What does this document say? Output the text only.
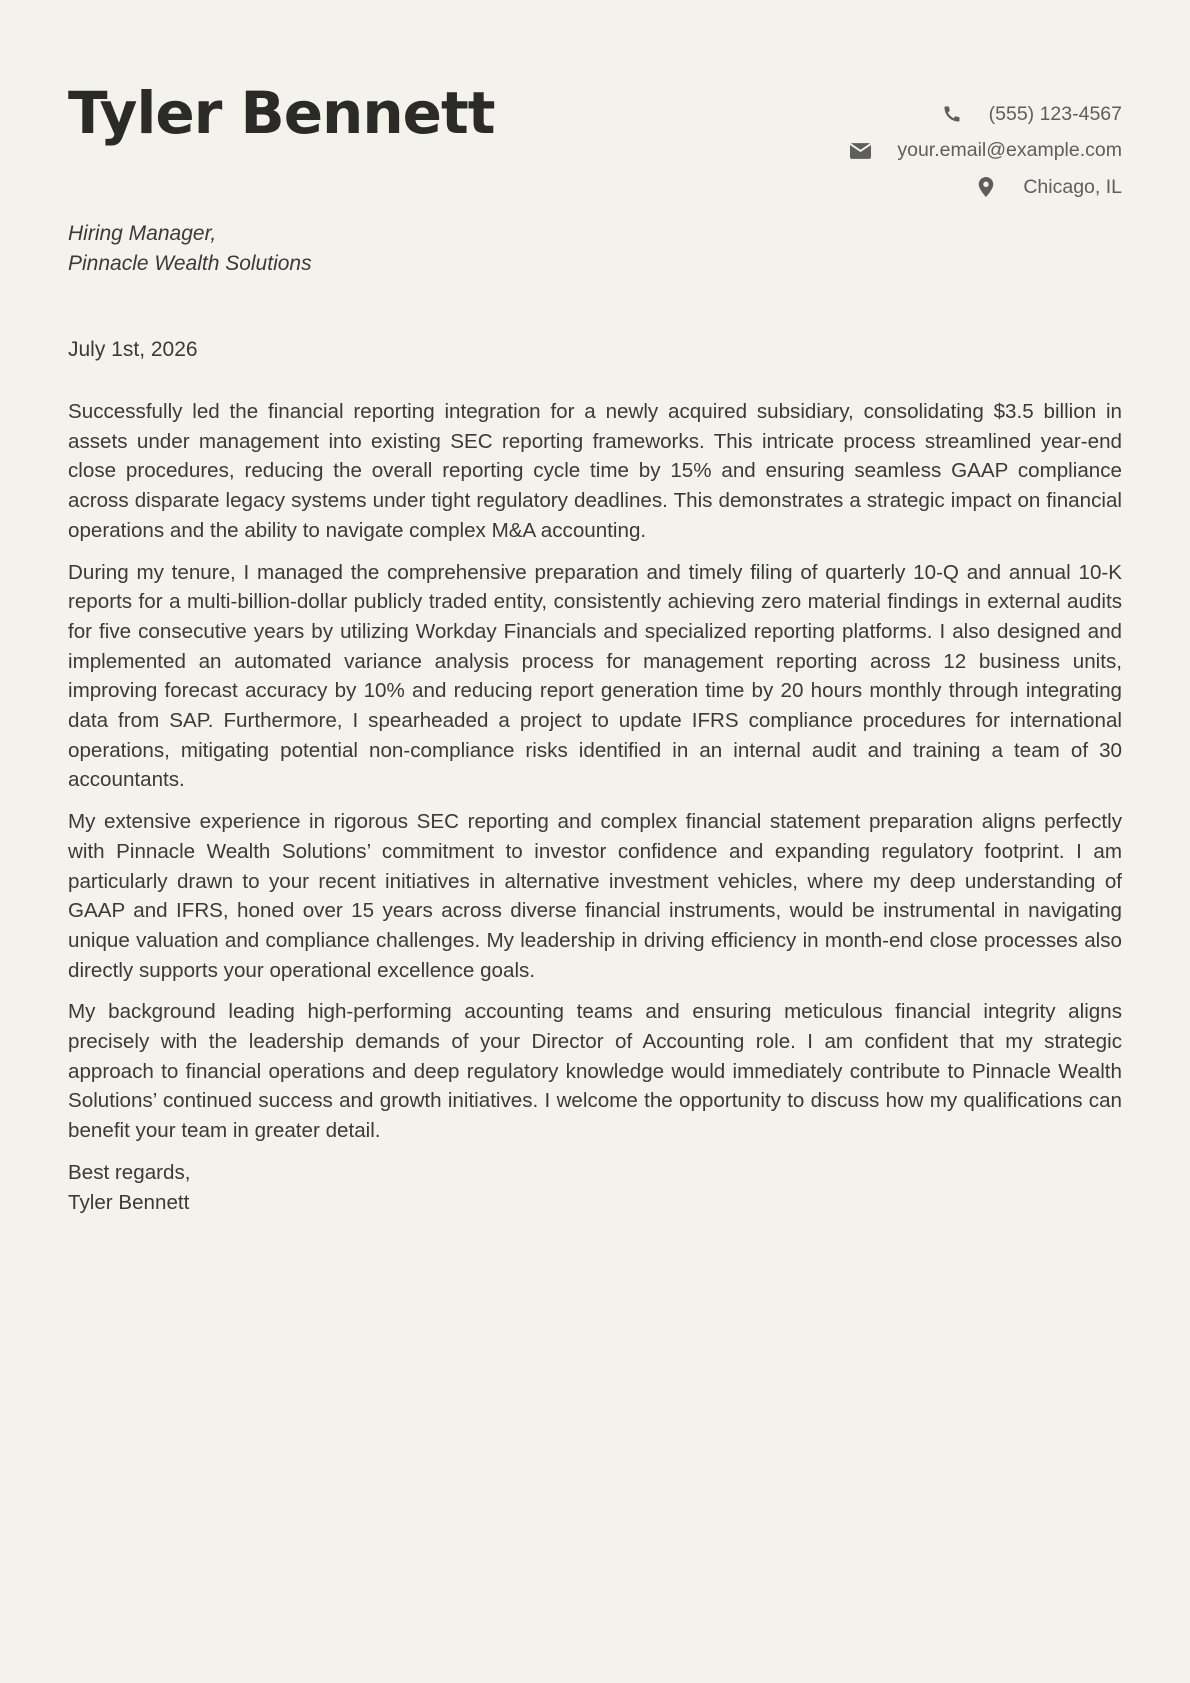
Tyler Bennett	(555) 123-4567
your.email@example.com
Chicago, IL
Hiring Manager,
Pinnacle Wealth Solutions
July 1st, 2026

Successfully led the financial reporting integration for a newly acquired subsidiary, consolidating $3.5 billion in assets under management into existing SEC reporting frameworks. This intricate process streamlined year-end close procedures, reducing the overall reporting cycle time by 15% and ensuring seamless GAAP compliance across disparate legacy systems under tight regulatory deadlines. This demonstrates a strategic impact on financial operations and the ability to navigate complex M&A accounting.

During my tenure, I managed the comprehensive preparation and timely filing of quarterly 10-Q and annual 10-K reports for a multi-billion-dollar publicly traded entity, consistently achieving zero material findings in external audits for five consecutive years by utilizing Workday Financials and specialized reporting platforms. I also designed and implemented an automated variance analysis process for management reporting across 12 business units, improving forecast accuracy by 10% and reducing report generation time by 20 hours monthly through integrating data from SAP. Furthermore, I spearheaded a project to update IFRS compliance procedures for international operations, mitigating potential non-compliance risks identified in an internal audit and training a team of 30 accountants.

My extensive experience in rigorous SEC reporting and complex financial statement preparation aligns perfectly with Pinnacle Wealth Solutions’ commitment to investor confidence and expanding regulatory footprint. I am particularly drawn to your recent initiatives in alternative investment vehicles, where my deep understanding of GAAP and IFRS, honed over 15 years across diverse financial instruments, would be instrumental in navigating unique valuation and compliance challenges. My leadership in driving efficiency in month-end close processes also directly supports your operational excellence goals.

My background leading high-performing accounting teams and ensuring meticulous financial integrity aligns precisely with the leadership demands of your Director of Accounting role. I am confident that my strategic approach to financial operations and deep regulatory knowledge would immediately contribute to Pinnacle Wealth Solutions’ continued success and growth initiatives. I welcome the opportunity to discuss how my qualifications can benefit your team in greater detail.

Best regards,
Tyler Bennett
